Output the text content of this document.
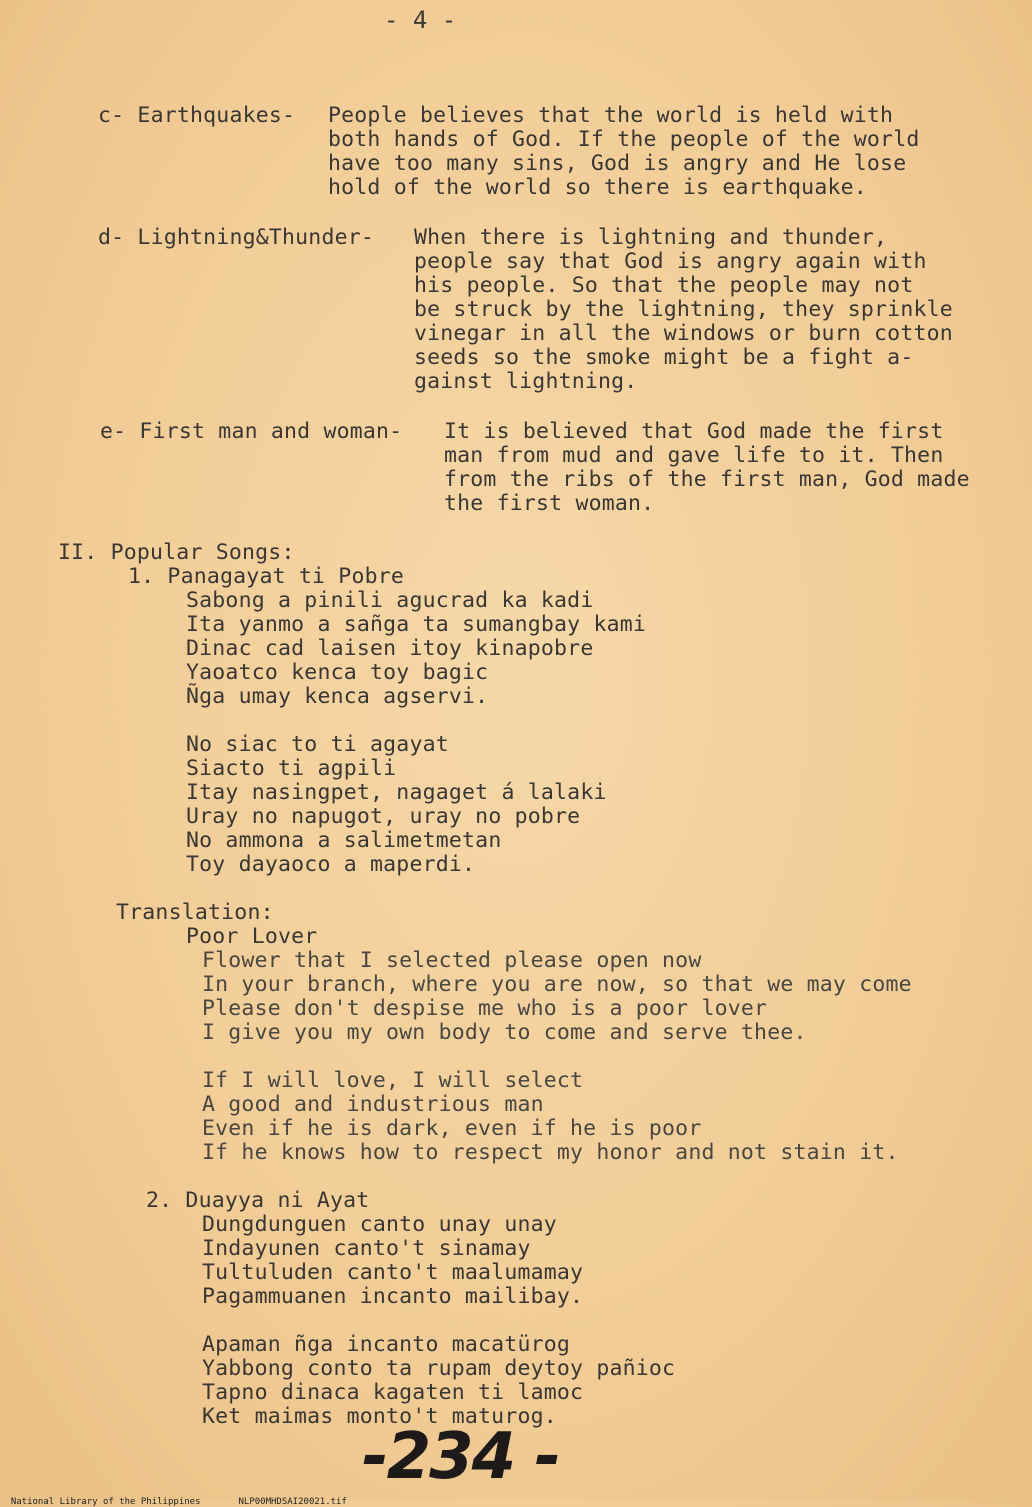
- 4 -
c- Earthquakes- People believes that the world is held with
both hands of God. If the people of the world
have too many sins, God is angry and He lose
hold of the world so there is earthquake.
d- Lightning&Thunder- When there is lightning and thunder,
people say that God is angry again with
his people. So that the people may not
be struck by the lightning, they sprinkle
vinegar in all the windows or burn cotton
seeds so the smoke might be a fight a-
gainst lightning.
e- First man and woman- It is believed that God made the first
man from mud and gave life to it. Then
from the ribs of the first man, God made
the first woman.
II. Popular Songs:
1. Panagayat ti Pobre
Sabong a pinili agucrad ka kadi
Ita yanmo a sañga ta sumangbay kami
Dinac cad laisen itoy kinapobre
Yaoatco kenca toy bagic
Ñga umay kenca agservi.
No siac to ti agayat
Siacto ti agpili
Itay nasingpet, nagaget á lalaki
Uray no napugot, uray no pobre
No ammona a salimetmetan
Toy dayaoco a maperdi.
Translation:
Poor Lover
Flower that I selected please open now
In your branch, where you are now, so that we may come
Please don't despise me who is a poor lover
I give you my own body to come and serve thee.
If I will love, I will select
A good and industrious man
Even if he is dark, even if he is poor
If he knows how to respect my honor and not stain it.
2. Duayya ni Ayat
Dungdunguen canto unay unay
Indayunen canto't sinamay
Tultuluden canto't maalumamay
Pagammuanen incanto mailibay.
Apaman ñga incanto macatürog
Yabbong conto ta rupam deytoy pañioc
Tapno dinaca kagaten ti lamoc
Ket maimas monto't maturog.
-234 -

National Library of the Philippines	NLP00MHDSAI20021.tif
